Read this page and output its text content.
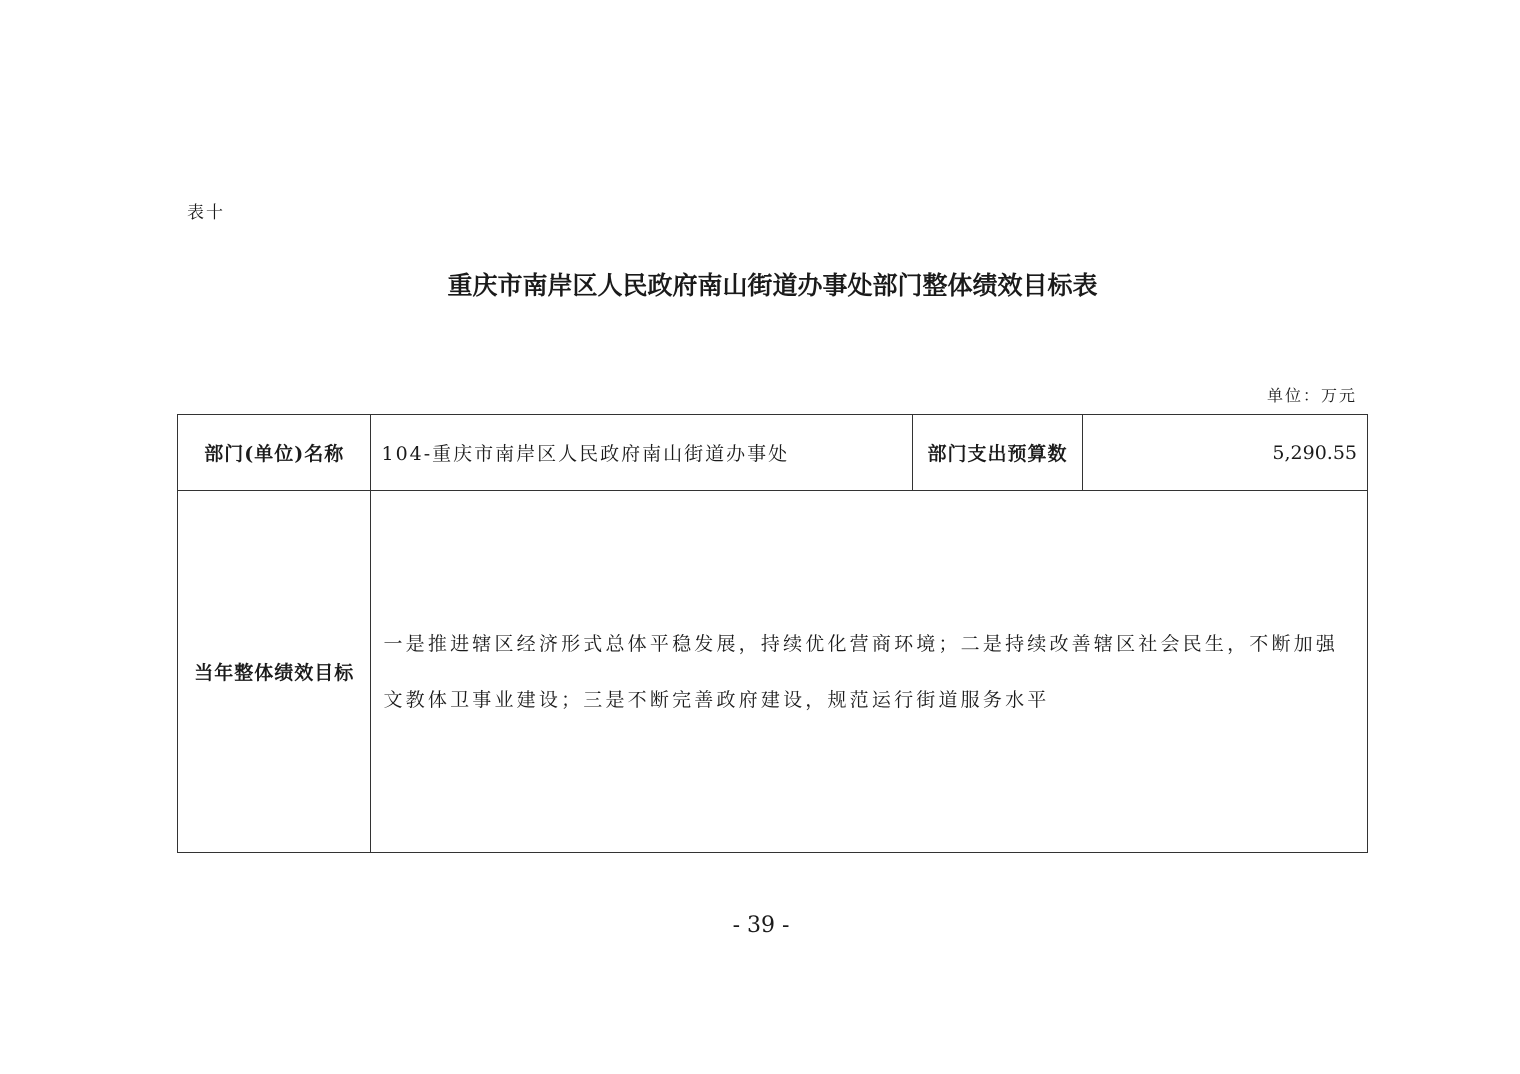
表十
重庆市南岸区人民政府南山街道办事处部门整体绩效目标表
单位：万元
部门(单位)名称	104-重庆市南岸区人民政府南山街道办事处	部门支出预算数	5,290.55
当年整体绩效目标	一是推进辖区经济形式总体平稳发展，持续优化营商环境；二是持续改善辖区社会民生，不断加强文教体卫事业建设；三是不断完善政府建设，规范运行街道服务水平		
- 39 -
